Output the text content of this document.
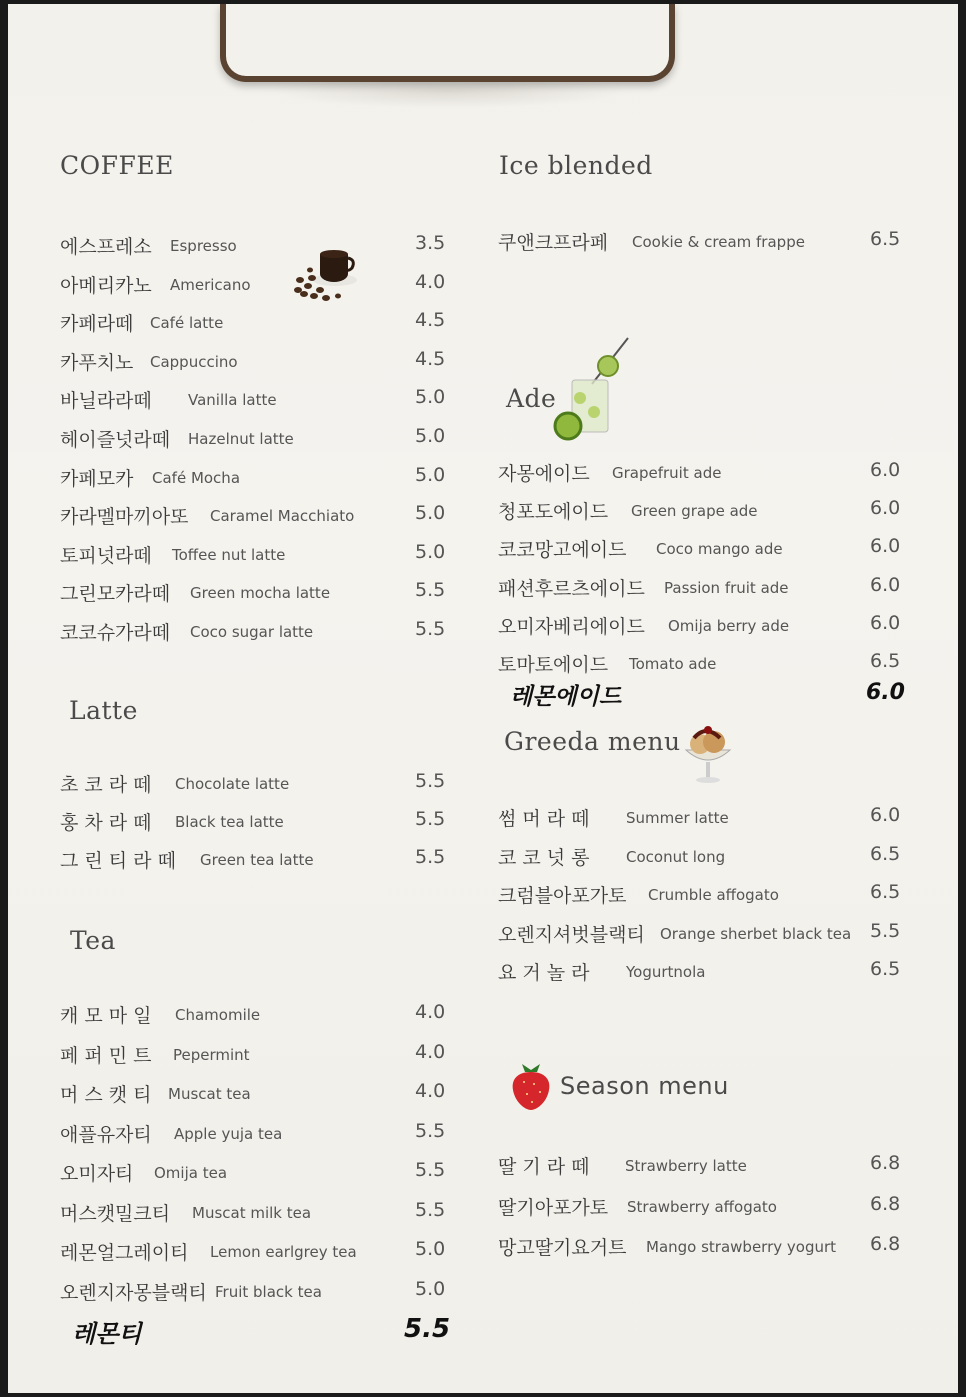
COFFEE
에스프레소 Espresso	3.5
아메리카노 Americano	4.0
카페라떼 Café latte	4.5
카푸치노 Cappuccino	4.5
바닐라라떼 Vanilla latte	5.0
헤이즐넛라떼 Hazelnut latte	5.0
카페모카 Café Mocha	5.0
카라멜마끼아또 Caramel Macchiato	5.0
토피넛라떼 Toffee nut latte	5.0
그린모카라떼 Green mocha latte	5.5
코코슈가라떼 Coco sugar latte	5.5
Latte
초 코 라 떼 Chocolate latte	5.5
홍 차 라 떼 Black tea latte	5.5
그 린 티 라 떼 Green tea latte	5.5
Tea
캐 모 마 일 Chamomile	4.0
페 퍼 민 트 Pepermint	4.0
머 스 캣 티 Muscat tea	4.0
애플유자티 Apple yuja tea	5.5
오미자티 Omija tea	5.5
머스캣밀크티 Muscat milk tea	5.5
레몬얼그레이티 Lemon earlgrey tea	5.0
오렌지자몽블랙티 Fruit black tea	5.0
레몬티	5.5
Ice blended
쿠앤크프라페 Cookie & cream frappe	6.5
Ade
자몽에이드 Grapefruit ade	6.0
청포도에이드 Green grape ade	6.0
코코망고에이드 Coco mango ade	6.0
패션후르츠에이드 Passion fruit ade	6.0
오미자베리에이드 Omija berry ade	6.0
토마토에이드 Tomato ade	6.5
레몬에이드	6.0
Greeda menu
썸 머 라 떼 Summer latte	6.0
코 코 넛 롱 Coconut long	6.5
크럼블아포가토 Crumble affogato	6.5
오렌지셔벗블랙티 Orange sherbet black tea 5.5
요 거 놀 라 Yogurtnola	6.5
Season menu
딸 기 라 떼 Strawberry latte	6.8
딸기아포가토 Strawberry affogato	6.8
망고딸기요거트 Mango strawberry yogurt 6.8
